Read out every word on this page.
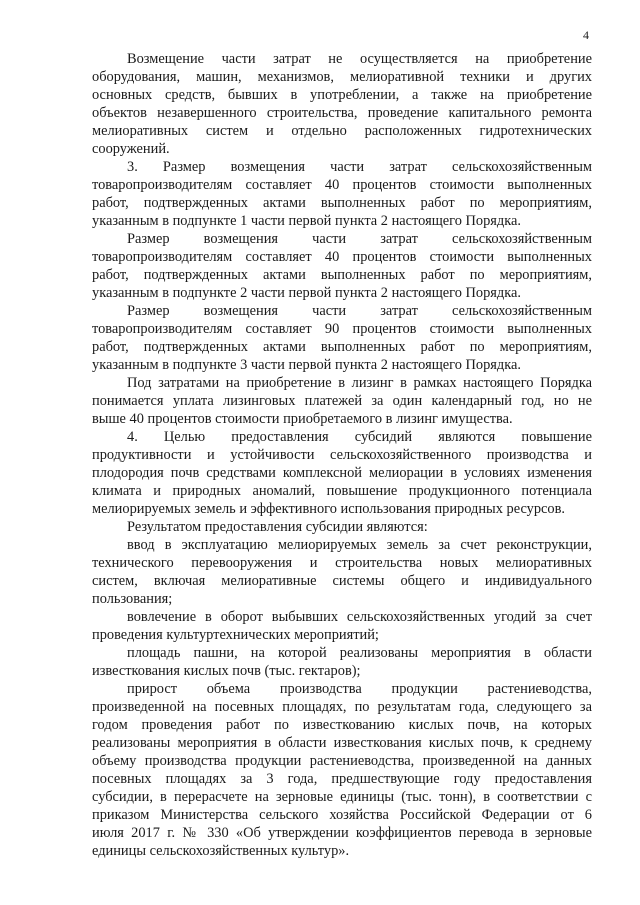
4

Возмещение части затрат не осуществляется на приобретение
оборудования, машин, механизмов, мелиоративной техники и других
основных средств, бывших в употреблении, а также на приобретение
объектов незавершенного строительства, проведение капитального ремонта
мелиоративных систем и отдельно расположенных гидротехнических
сооружений.

3. Размер возмещения части затрат сельскохозяйственным
товаропроизводителям составляет 40 процентов стоимости выполненных
работ, подтвержденных актами выполненных работ по мероприятиям,
указанным в подпункте 1 части первой пункта 2 настоящего Порядка.

Размер возмещения части затрат сельскохозяйственным
товаропроизводителям составляет 40 процентов стоимости выполненных
работ, подтвержденных актами выполненных работ по мероприятиям,
указанным в подпункте 2 части первой пункта 2 настоящего Порядка.

Размер возмещения части затрат сельскохозяйственным
товаропроизводителям составляет 90 процентов стоимости выполненных
работ, подтвержденных актами выполненных работ по мероприятиям,
указанным в подпункте 3 части первой пункта 2 настоящего Порядка.

Под затратами на приобретение в лизинг в рамках настоящего Порядка
понимается уплата лизинговых платежей за один календарный год, но не
выше 40 процентов стоимости приобретаемого в лизинг имущества.

4. Целью предоставления субсидий являются повышение
продуктивности и устойчивости сельскохозяйственного производства и
плодородия почв средствами комплексной мелиорации в условиях изменения
климата и природных аномалий, повышение продукционного потенциала
мелиорируемых земель и эффективного использования природных ресурсов.

Результатом предоставления субсидии являются:

ввод в эксплуатацию мелиорируемых земель за счет реконструкции,
технического перевооружения и строительства новых мелиоративных
систем, включая мелиоративные системы общего и индивидуального
пользования;

вовлечение в оборот выбывших сельскохозяйственных угодий за счет
проведения культуртехнических мероприятий;

площадь пашни, на которой реализованы мероприятия в области
известкования кислых почв (тыс. гектаров);

прирост объема производства продукции растениеводства,
произведенной на посевных площадях, по результатам года, следующего за
годом проведения работ по известкованию кислых почв, на которых
реализованы мероприятия в области известкования кислых почв, к среднему
объему производства продукции растениеводства, произведенной на данных
посевных площадях за 3 года, предшествующие году предоставления
субсидии, в перерасчете на зерновые единицы (тыс. тонн), в соответствии с
приказом Министерства сельского хозяйства Российской Федерации от 6
июля 2017 г. № 330 «Об утверждении коэффициентов перевода в зерновые
единицы сельскохозяйственных культур».
